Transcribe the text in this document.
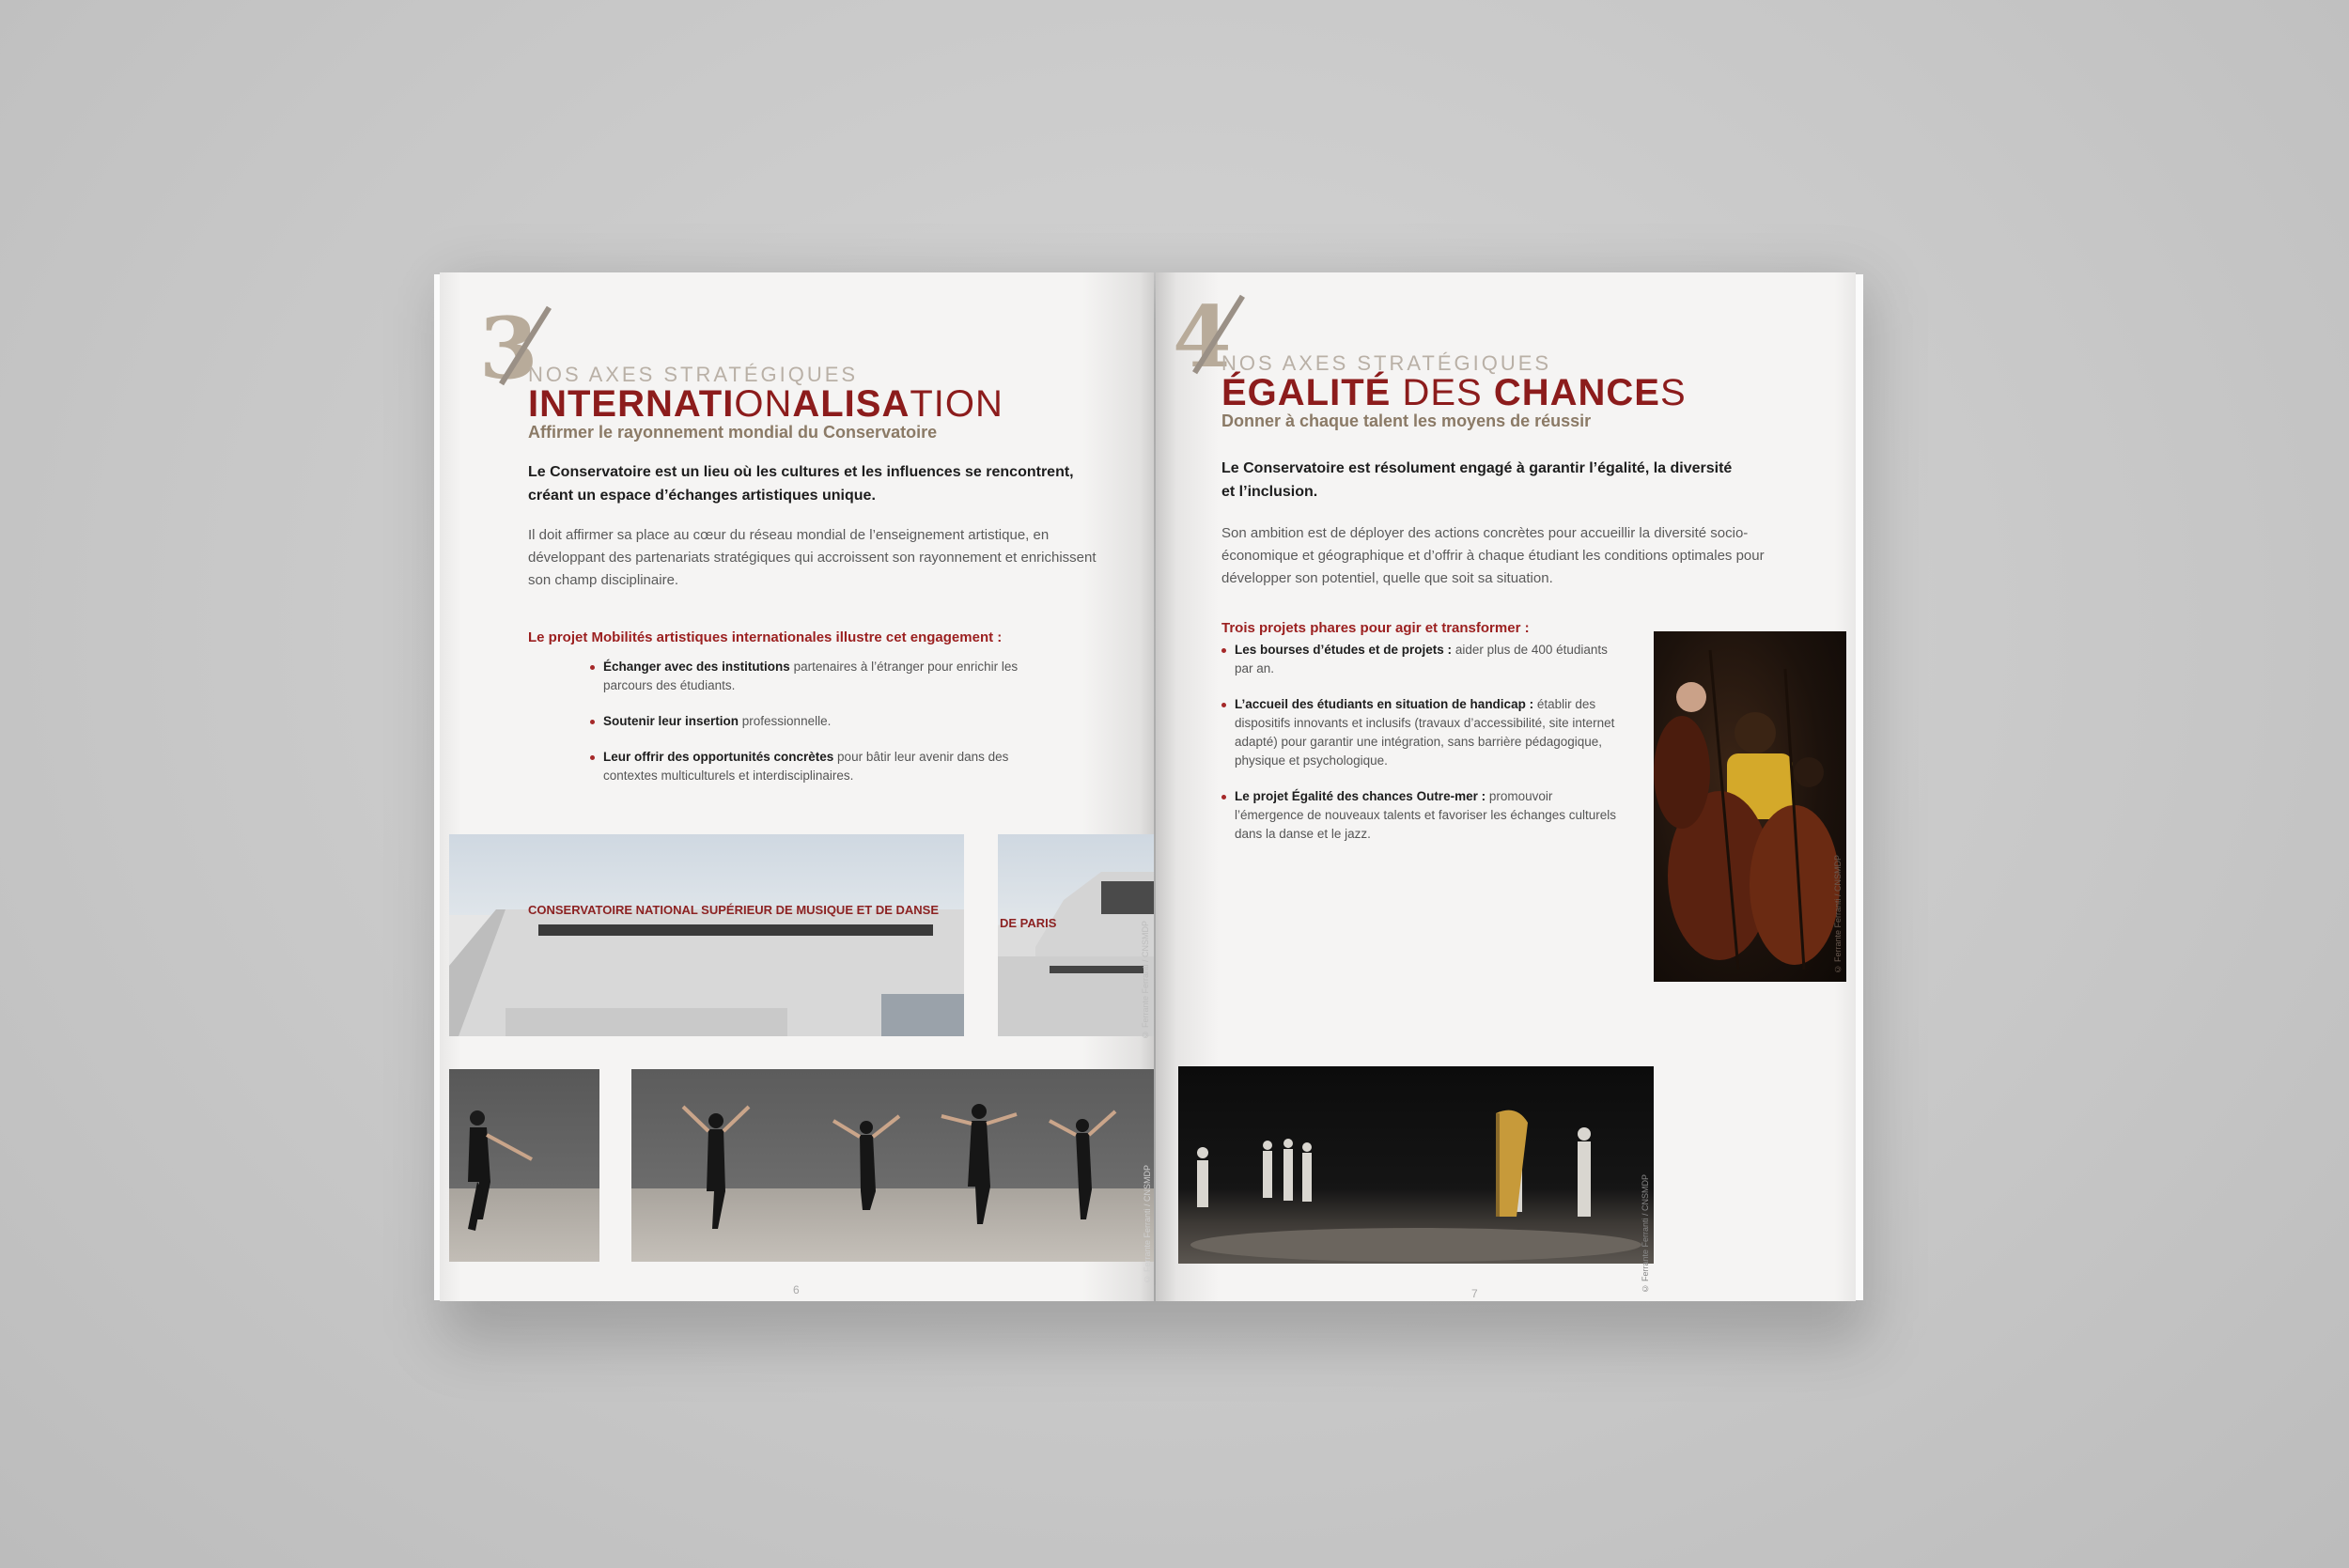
3
NOS AXES STRATÉGIQUES
INTERNATIONALISATION
Affirmer le rayonnement mondial du Conservatoire
Le Conservatoire est un lieu où les cultures et les influences se rencontrent, créant un espace d’échanges artistiques unique.
Il doit affirmer sa place au cœur du réseau mondial de l’enseignement artistique, en développant des partenariats stratégiques qui accroissent son rayonnement et enrichissent son champ disciplinaire.
Le projet Mobilités artistiques internationales illustre cet engagement :
Échanger avec des institutions partenaires à l’étranger pour enrichir les parcours des étudiants.
Soutenir leur insertion professionnelle.
Leur offrir des opportunités concrètes pour bâtir leur avenir dans des contextes multiculturels et interdisciplinaires.
CONSERVATOIRE NATIONAL SUPÉRIEUR DE MUSIQUE ET DE DANSE
DE PARIS	© Ferrante Ferranti / CNSMDP
© Ferrante Ferranti / CNSMDP
6
4
NOS AXES STRATÉGIQUES
ÉGALITÉ DES CHANCES
Donner à chaque talent les moyens de réussir
Le Conservatoire est résolument engagé à garantir l’égalité, la diversité et l’inclusion.
Son ambition est de déployer des actions concrètes pour accueillir la diversité socio-économique et géographique et d’offrir à chaque étudiant les conditions optimales pour développer son potentiel, quelle que soit sa situation.
Trois projets phares pour agir et transformer :
Les bourses d’études et de projets : aider plus de 400 étudiants par an.
L’accueil des étudiants en situation de handicap : établir des dispositifs innovants et inclusifs (travaux d’accessibilité, site internet adapté) pour garantir une intégration, sans barrière pédagogique, physique et psychologique.
Le projet Égalité des chances Outre-mer : promouvoir l’émergence de nouveaux talents et favoriser les échanges culturels dans la danse et le jazz.
© Ferrante Ferranti / CNSMDP
© Ferrante Ferranti / CNSMDP
7
